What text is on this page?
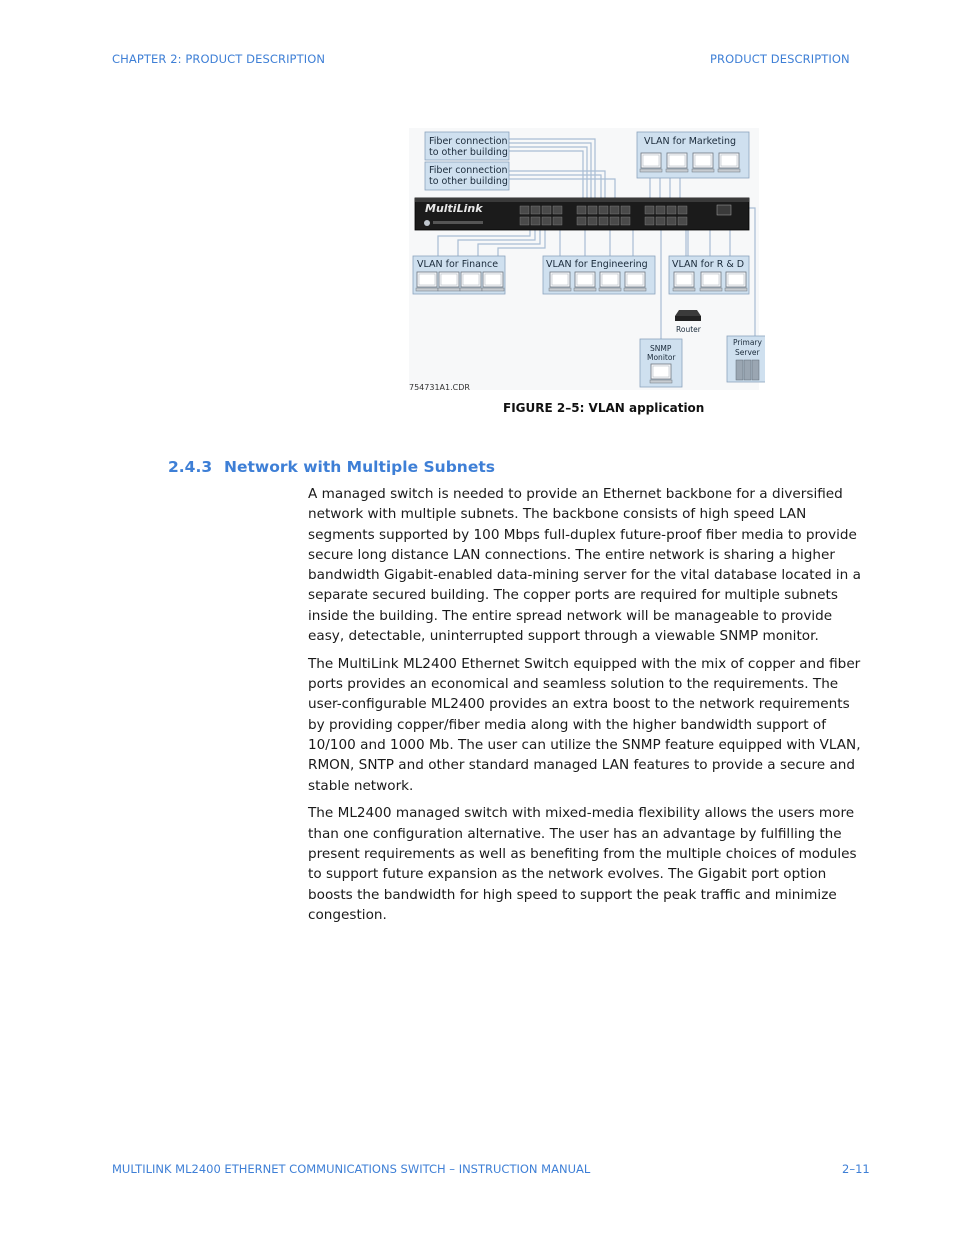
CHAPTER 2: PRODUCT DESCRIPTION	PRODUCT DESCRIPTION
Fiber connection
to other building
Fiber connection
to other building
VLAN for Marketing
MultiLink
VLAN for Finance	VLAN for Engineering	VLAN for R & D
Router
SNMP
Monitor
Primary
Server
754731A1.CDR
FIGURE 2–5: VLAN application
2.4.3 Network with Multiple Subnets

A managed switch is needed to provide an Ethernet backbone for a diversified network with multiple subnets. The backbone consists of high speed LAN segments supported by 100 Mbps full-duplex future-proof fiber media to provide secure long distance LAN connections. The entire network is sharing a higher bandwidth Gigabit-enabled data-mining server for the vital database located in a separate secured building. The copper ports are required for multiple subnets inside the building. The entire spread network will be manageable to provide easy, detectable, uninterrupted support through a viewable SNMP monitor.

The MultiLink ML2400 Ethernet Switch equipped with the mix of copper and fiber ports provides an economical and seamless solution to the requirements. The user-configurable ML2400 provides an extra boost to the network requirements by providing copper/fiber media along with the higher bandwidth support of 10/100 and 1000 Mb. The user can utilize the SNMP feature equipped with VLAN, RMON, SNTP and other standard managed LAN features to provide a secure and stable network.

The ML2400 managed switch with mixed-media flexibility allows the users more than one configuration alternative. The user has an advantage by fulfilling the present requirements as well as benefiting from the multiple choices of modules to support future expansion as the network evolves. The Gigabit port option boosts the bandwidth for high speed to support the peak traffic and minimize congestion.

MULTILINK ML2400 ETHERNET COMMUNICATIONS SWITCH – INSTRUCTION MANUAL	2–11
